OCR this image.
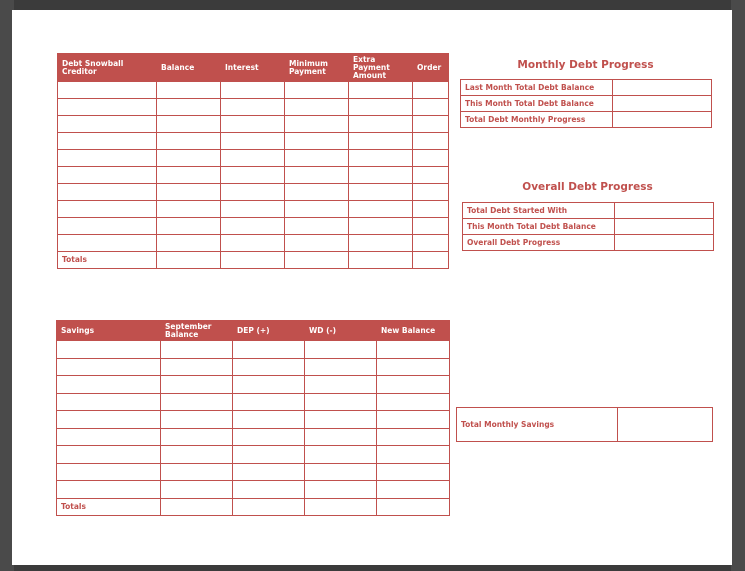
Debt Snowball Creditor	Balance	Interest	Minimum Payment	Extra Payment Amount	Order

Totals					
Monthly Debt Progress
Last Month Total Debt Balance	
This Month Total Debt Balance	
Total Debt Monthly Progress	
Overall Debt Progress
Total Debt Started With	
This Month Total Debt Balance	
Overall Debt Progress	
Savings	September Balance	DEP (+)	WD (-)	New Balance

Totals				
Total Monthly Savings	
